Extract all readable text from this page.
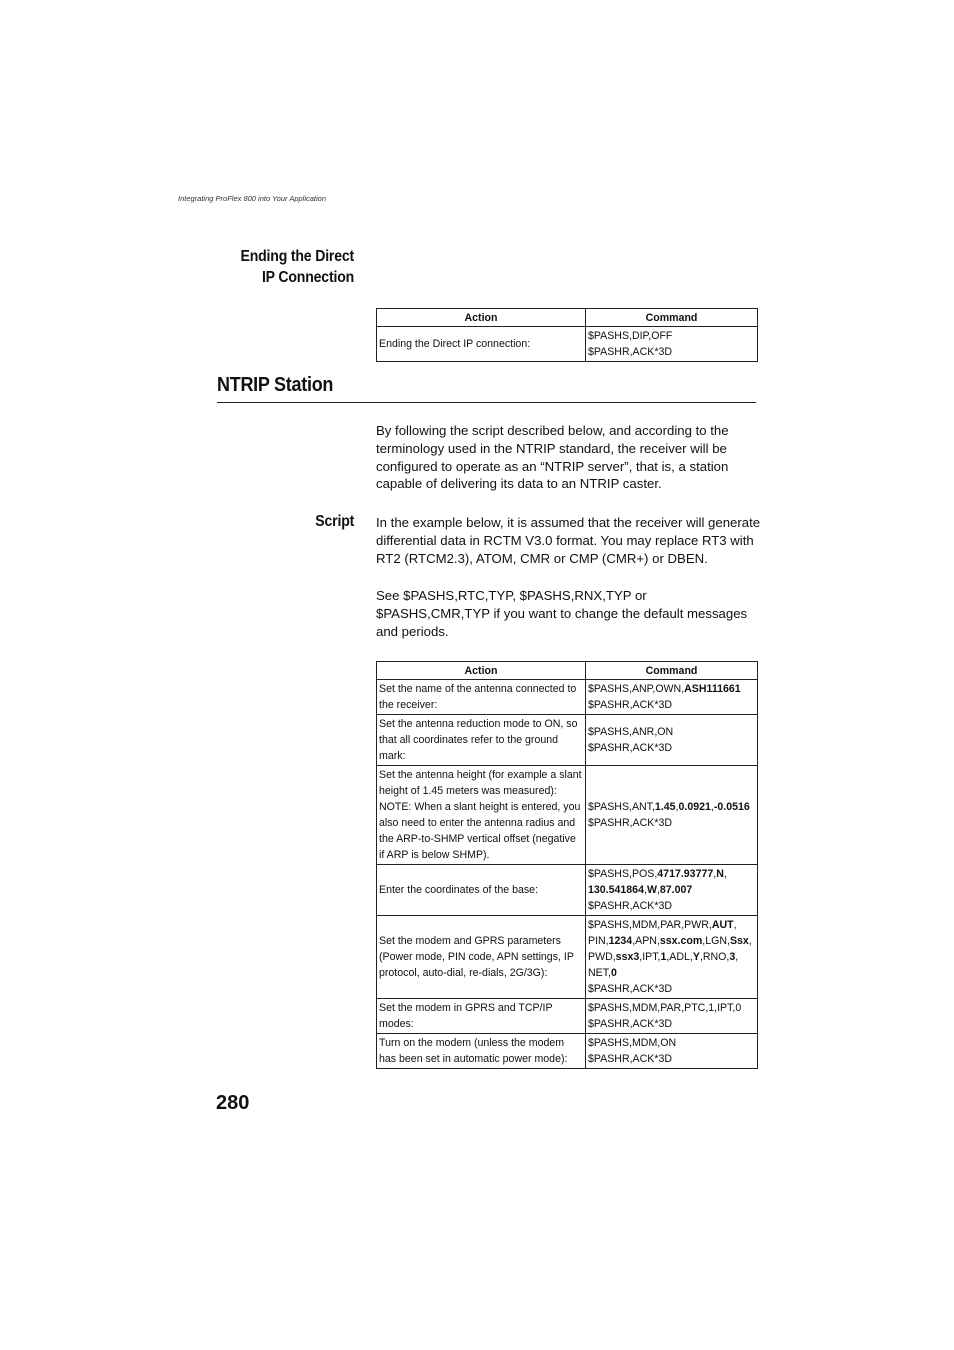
Integrating ProFlex 800 into Your Application
Ending the Direct
IP Connection
Action	Command
Ending the Direct IP connection:	$PASHS,DIP,OFF
$PASHR,ACK*3D
NTRIP Station
By following the script described below, and according to the terminology used in the NTRIP standard, the receiver will be configured to operate as an “NTRIP server”, that is, a station capable of delivering its data to an NTRIP caster.
Script In the example below, it is assumed that the receiver will generate differential data in RCTM V3.0 format. You may replace RT3 with RT2 (RTCM2.3), ATOM, CMR or CMP (CMR+) or DBEN.
See $PASHS,RTC,TYP, $PASHS,RNX,TYP or $PASHS,CMR,TYP if you want to change the default messages and periods.
Action	Command
Set the name of the antenna connected to the receiver:	$PASHS,ANP,OWN,ASH111661
$PASHR,ACK*3D

Set the antenna reduction mode to ON, so that all coordinates refer to the ground mark:	$PASHS,ANR,ON
$PASHR,ACK*3D

Set the antenna height (for example a slant height of 1.45 meters was measured): NOTE: When a slant height is entered, you also need to enter the antenna radius and the ARP-to-SHMP vertical offset (negative if ARP is below SHMP).	$PASHS,ANT,1.45,0.0921,-0.0516
$PASHR,ACK*3D

Enter the coordinates of the base:	$PASHS,POS,4717.93777,N,
130.541864,W,87.007
$PASHR,ACK*3D

Set the modem and GPRS parameters (Power mode, PIN code, APN settings, IP protocol, auto-dial, re-dials, 2G/3G):	$PASHS,MDM,PAR,PWR,AUT,
PIN,1234,APN,ssx.com,LGN,Ssx,
PWD,ssx3,IPT,1,ADL,Y,RNO,3,
NET,0
$PASHR,ACK*3D

Set the modem in GPRS and TCP/IP modes:	$PASHS,MDM,PAR,PTC,1,IPT,0
$PASHR,ACK*3D

Turn on the modem (unless the modem has been set in automatic power mode):	$PASHS,MDM,ON
$PASHR,ACK*3D
280
